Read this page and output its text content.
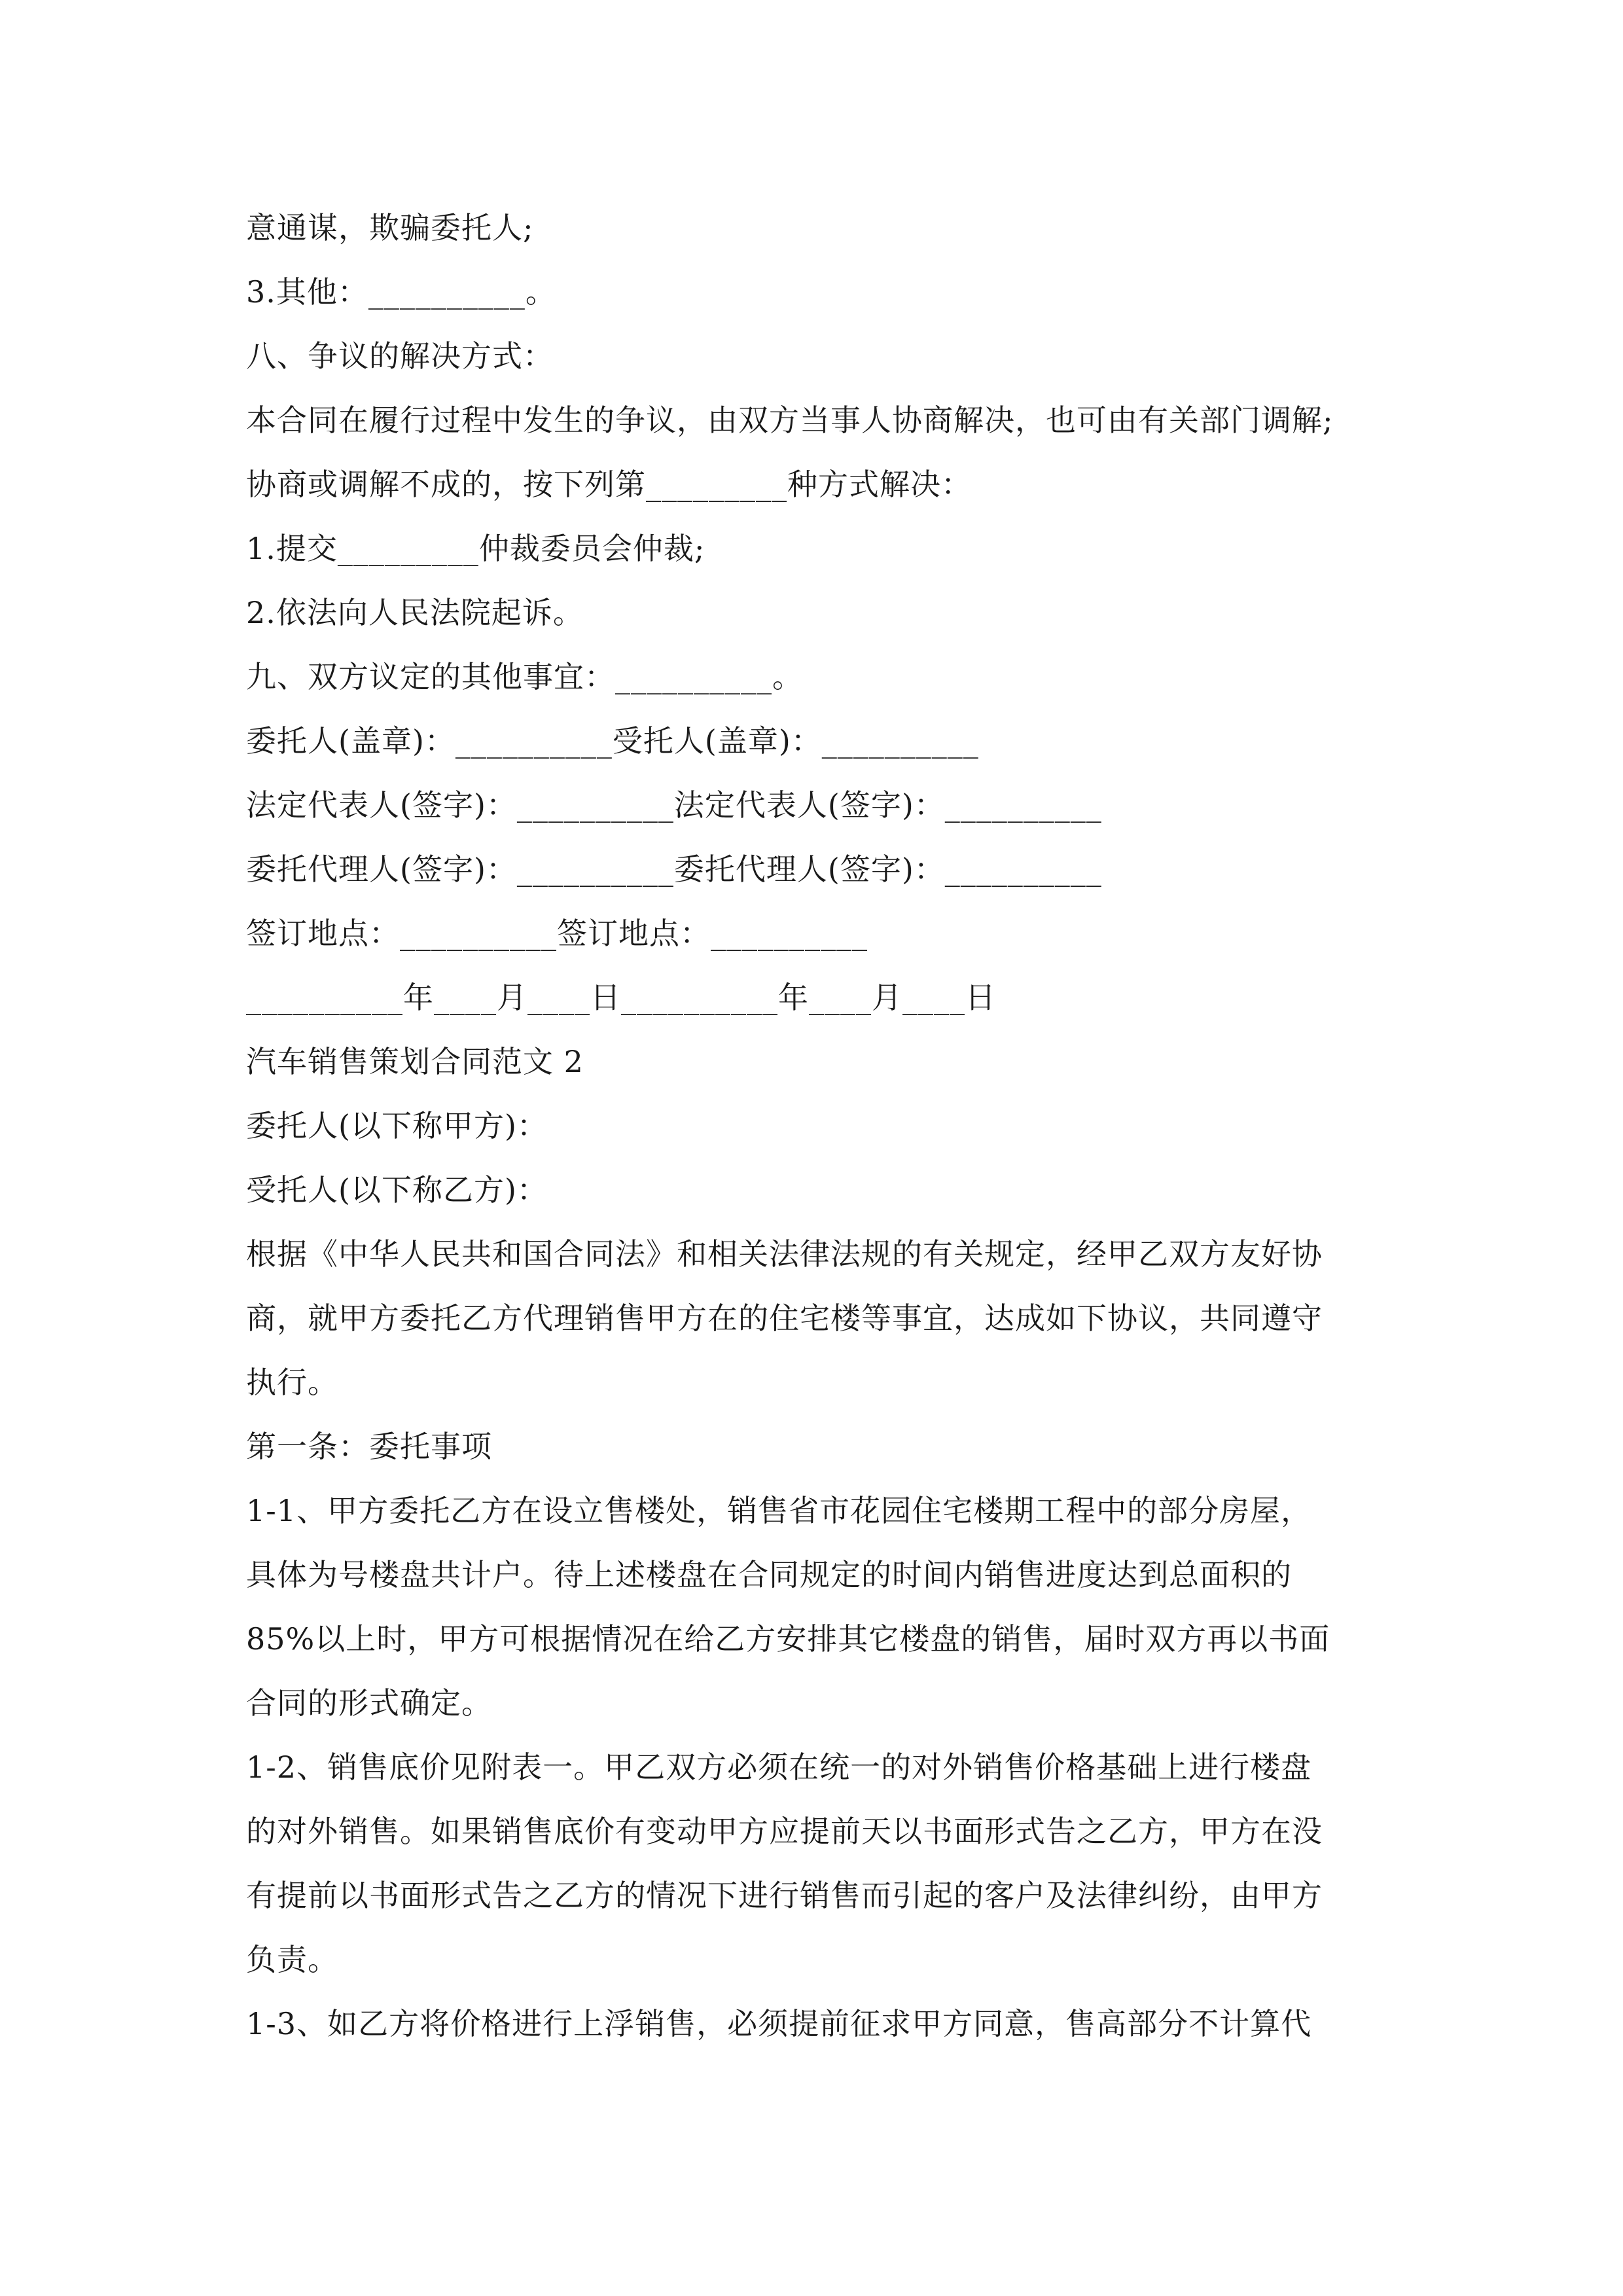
意通谋，欺骗委托人;
3.其他：__________。
八、争议的解决方式：
本合同在履行过程中发生的争议，由双方当事人协商解决，也可由有关部门调解;
协商或调解不成的，按下列第_________种方式解决：
1.提交_________仲裁委员会仲裁;
2.依法向人民法院起诉。
九、双方议定的其他事宜：__________。
委托人(盖章)：__________受托人(盖章)：__________
法定代表人(签字)：__________法定代表人(签字)：__________
委托代理人(签字)：__________委托代理人(签字)：__________
签订地点：__________签订地点：__________
__________年____月____日__________年____月____日
汽车销售策划合同范文 2
委托人(以下称甲方)：
受托人(以下称乙方)：
根据《中华人民共和国合同法》和相关法律法规的有关规定，经甲乙双方友好协
商，就甲方委托乙方代理销售甲方在的住宅楼等事宜，达成如下协议，共同遵守
执行。
第一条：委托事项
1-1、甲方委托乙方在设立售楼处，销售省市花园住宅楼期工程中的部分房屋，
具体为号楼盘共计户。待上述楼盘在合同规定的时间内销售进度达到总面积的
85%以上时，甲方可根据情况在给乙方安排其它楼盘的销售，届时双方再以书面
合同的形式确定。
1-2、销售底价见附表一。甲乙双方必须在统一的对外销售价格基础上进行楼盘
的对外销售。如果销售底价有变动甲方应提前天以书面形式告之乙方，甲方在没
有提前以书面形式告之乙方的情况下进行销售而引起的客户及法律纠纷，由甲方
负责。
1-3、如乙方将价格进行上浮销售，必须提前征求甲方同意，售高部分不计算代
